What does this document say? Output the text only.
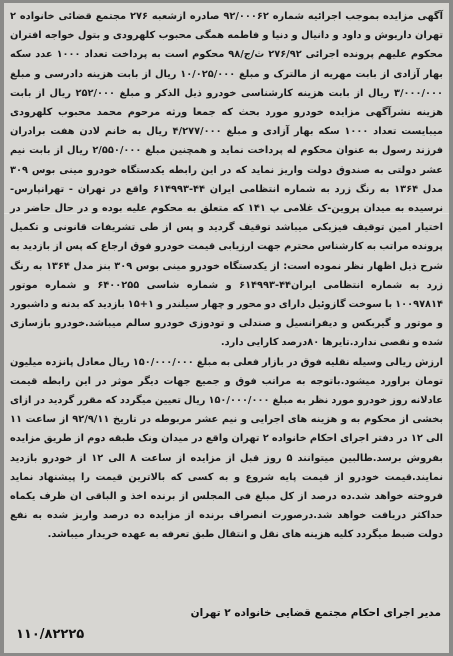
آگهی مزایده بموجب اجرائیه شماره ۹۲/۰۰۰۶۲ صادره ازشعبه ۲۷۶ مجتمع قضائی خانواده ۲ تهران داریوش و داود و دانیال و دنیا و فاطمه همگی محبوب کلهرودی و بتول خواجه افتران محکوم علیهم پرونده اجرائی ۲۷۶/۹۲ ث/ج/۹۸ محکوم است به پرداخت تعداد ۱۰۰۰ عدد سکه بهار آزادی از بابت مهریه از مالترک و مبلغ ۱۰/۰۲۵/۰۰۰ ریال از بابت هزینه دادرسی و مبلغ ۳/۰۰۰/۰۰۰ ریال از بابت هزینه کارشناسی خودرو ذیل الذکر و مبلغ ۲۵۲/۰۰۰ ریال از بابت هزینه نشرآگهی مزایده خودرو مورد بحث که جمعا ورثه مرحوم محمد محبوب کلهرودی میبایست تعداد ۱۰۰۰ سکه بهار آزادی و مبلغ ۴/۲۷۷/۰۰۰ ریال به خانم لادن هفت برادران فرزند رسول به عنوان محکوم له پرداخت نماید و همچنین مبلغ ۲/۵۵۰/۰۰۰ ریال از بابت نیم عشر دولتی به صندوق دولت واریز نماید که در این رابطه یکدستگاه خودرو مینی بوس ۳۰۹ مدل ۱۳۶۴ به رنگ زرد به شماره انتظامی ایران ۴۴-۶۱۴۹۹۳ واقع در تهران - تهرانپارس-نرسیده به میدان پروین-ک غلامی پ ۱۴۱ که متعلق به محکوم علیه بوده و در حال حاضر در اختیار امین توقیف فیزیکی میباشد توقیف گردید و پس از طی تشریفات قانونی و تکمیل پرونده مراتب به کارشناس محترم جهت ارزیابی قیمت خودرو فوق ارجاع که پس از بازدید به شرح ذیل اظهار نظر نموده است: از یکدستگاه خودرو مینی بوس ۳۰۹ بنز مدل ۱۳۶۴ به رنگ زرد به شماره انتظامی ایران۴۴-۶۱۴۹۹۳ و شماره شاسی ۶۴۰۰۲۵۵ و شماره موتور ۱۰۰۹۷۸۱۴ با سوخت گازوئیل دارای دو محور و چهار سیلندر و ۱+۱۵ بازدید که بدنه و داشبورد و موتور و گیربکس و دیفرانسیل و صندلی و تودوزی خودرو سالم میباشد.خودرو بازسازی شده و نقصی ندارد.تایرها ۸۰درصد کارایی دارد.

ارزش ریالی وسیله نقلیه فوق در بازار فعلی به مبلغ ۱۵۰/۰۰۰/۰۰۰ ریال معادل پانزده میلیون تومان براورد میشود.باتوجه به مراتب فوق و جمیع جهات دیگر موثر در این رابطه قیمت عادلانه روز خودرو مورد نظر به مبلغ ۱۵۰/۰۰۰/۰۰۰ ریال تعیین میگردد که مقرر گردید در ازای بخشی از محکوم به و هزینه های اجرایی و نیم عشر مربوطه در تاریخ ۹۲/۹/۱۱ از ساعت ۱۱ الی ۱۲ در دفتر اجرای احکام خانواده ۲ تهران واقع در میدان ونک طبقه دوم از طریق مزایده بفروش برسد.طالبین میتوانند ۵ روز قبل از مزایده از ساعت ۸ الی ۱۲ از خودرو بازدید نمایند.قیمت خودرو از قیمت پایه شروع و به کسی که بالاترین قیمت را پیشنهاد نماید فروخته خواهد شد.ده درصد از کل مبلغ فی المجلس از برنده اخذ و الباقی ان ظرف یکماه حداکثر دریافت خواهد شد.درصورت انصراف برنده از مزایده ده درصد واریز شده به نفع دولت ضبط میگردد کلیه هزینه های نقل و انتقال طبق تعرفه به عهده خریدار میباشد.

مدیر اجرای احکام مجتمع قضایی خانواده ۲ تهران
۱۱۰/۸۲۲۲۵
